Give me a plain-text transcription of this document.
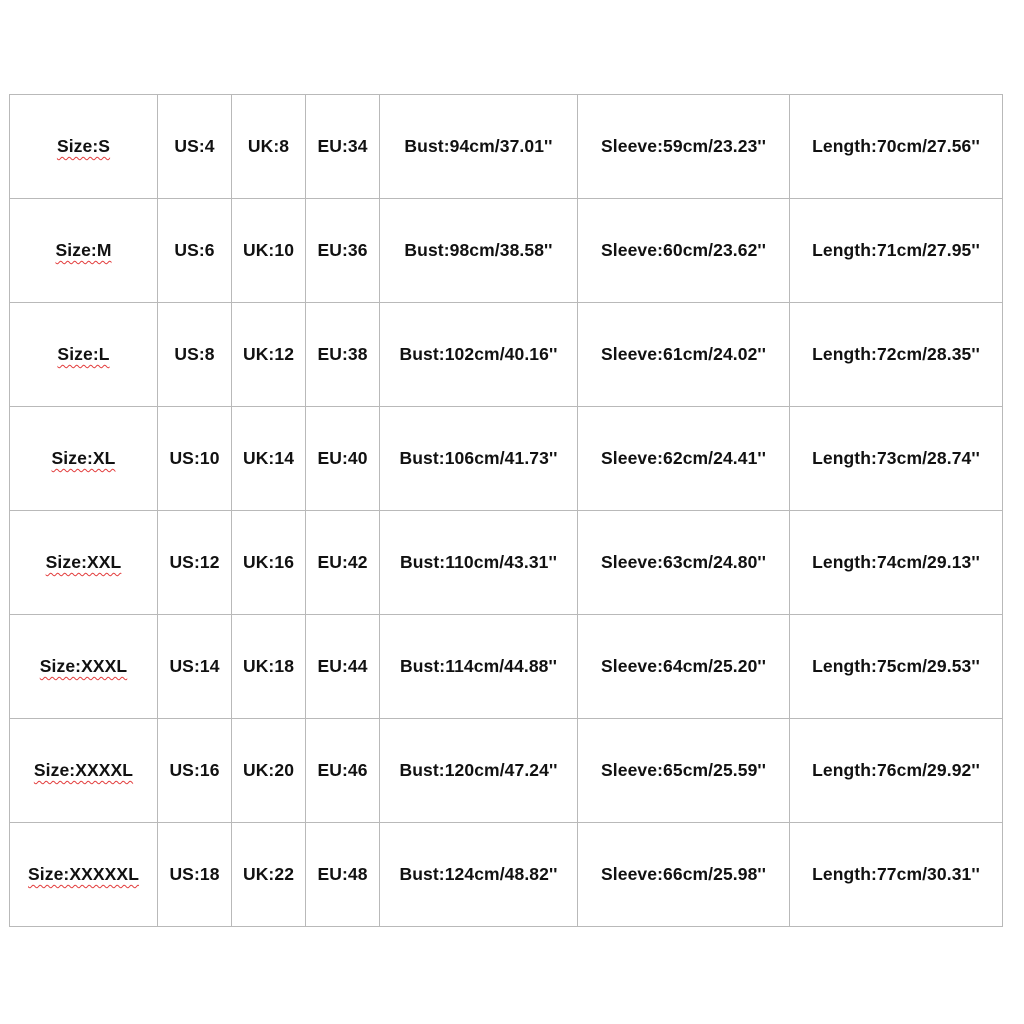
Size:S	US:4	UK:8	EU:34	Bust:94cm/37.01''	Sleeve:59cm/23.23''	Length:70cm/27.56''
Size:M	US:6	UK:10	EU:36	Bust:98cm/38.58''	Sleeve:60cm/23.62''	Length:71cm/27.95''
Size:L	US:8	UK:12	EU:38	Bust:102cm/40.16''	Sleeve:61cm/24.02''	Length:72cm/28.35''
Size:XL	US:10	UK:14	EU:40	Bust:106cm/41.73''	Sleeve:62cm/24.41''	Length:73cm/28.74''
Size:XXL	US:12	UK:16	EU:42	Bust:110cm/43.31''	Sleeve:63cm/24.80''	Length:74cm/29.13''
Size:XXXL	US:14	UK:18	EU:44	Bust:114cm/44.88''	Sleeve:64cm/25.20''	Length:75cm/29.53''
Size:XXXXL	US:16	UK:20	EU:46	Bust:120cm/47.24''	Sleeve:65cm/25.59''	Length:76cm/29.92''
Size:XXXXXL	US:18	UK:22	EU:48	Bust:124cm/48.82''	Sleeve:66cm/25.98''	Length:77cm/30.31''
